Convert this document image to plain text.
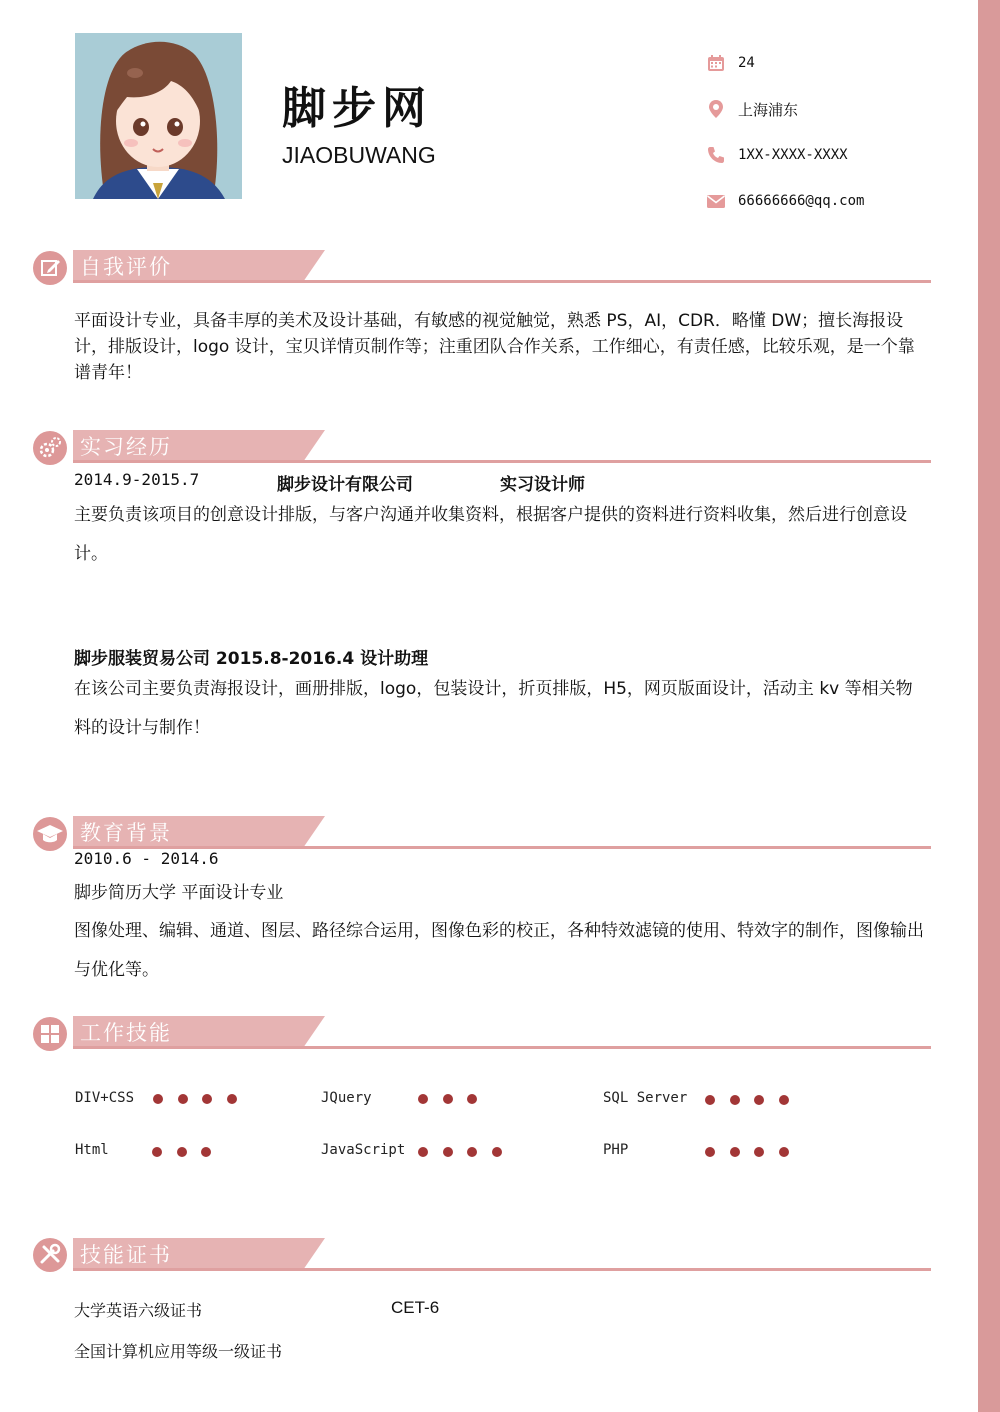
脚步网
JIAOBUWANG
24
上海浦东
1XX-XXXX-XXXX
66666666@qq.com
自我评价

平面设计专业，具备丰厚的美术及设计基础，有敏感的视觉触觉，熟悉 PS，AI，CDR．略懂 DW；擅长海报设计，排版设计，logo 设计，宝贝详情页制作等；注重团队合作关系，工作细心，有责任感，比较乐观，是一个靠谱青年！

实习经历
2014.9-2015.7	脚步设计有限公司	实习设计师

主要负责该项目的创意设计排版，与客户沟通并收集资料，根据客户提供的资料进行资料收集，然后进行创意设计。

脚步服装贸易公司 2015.8-2016.4 设计助理

在该公司主要负责海报设计，画册排版，logo，包装设计，折页排版，H5，网页版面设计，活动主 kv 等相关物料的设计与制作！

教育背景
2010.6 - 2014.6
脚步简历大学 平面设计专业

图像处理、编辑、通道、图层、路径综合运用，图像色彩的校正，各种特效滤镜的使用、特效字的制作，图像输出与优化等。

工作技能
DIV+CSS	JQuery	SQL Server
Html	JavaScript	PHP
技能证书
大学英语六级证书	CET-6
全国计算机应用等级一级证书
